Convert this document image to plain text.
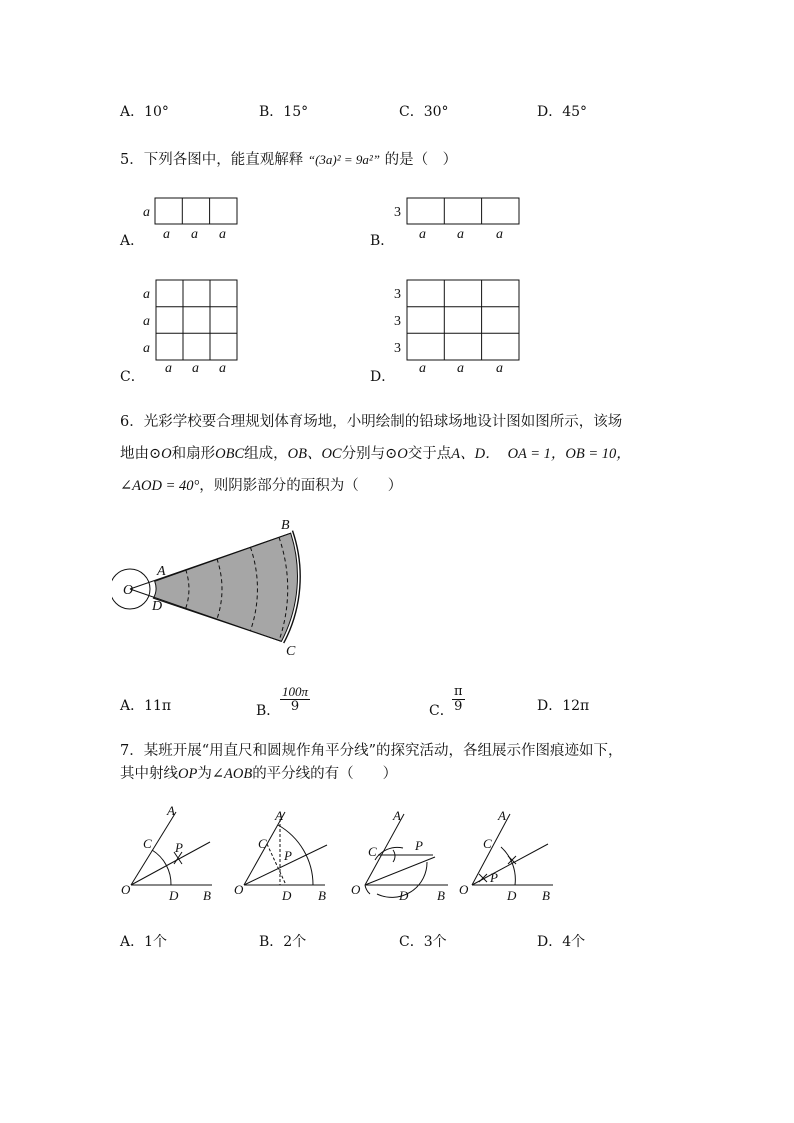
A．10°	B．15°	C．30°	D．45°
5．下列各图中，能直观解释 “(3a)² = 9a²” 的是（　）
a
a a a	a a a
a
a
a
a a a	a a a
3
3
3
3
A．	B．
C．	D．
6．光彩学校要合理规划体育场地，小明绘制的铅球场地设计图如图所示，该场
地由⊙O和扇形OBC组成，OB、OC分别与⊙O交于点A、D． OA = 1，OB = 10，
∠AOD = 40°，则阴影部分的面积为（　　）
O
A
D
B
C
A．11π	B． $\frac{100\pi}{9}$	C．
$\frac{\pi}{9}$	D．12π
7．某班开展“用直尺和圆规作角平分线”的探究活动，各组展示作图痕迹如下，
其中射线OP为∠AOB的平分线的有（　　）
O
A
C P
D B O
A
C
P
D B O
A
C	P
D B O
A
C
P
D B
A．1个	B．2个	C．3个	D．4个
